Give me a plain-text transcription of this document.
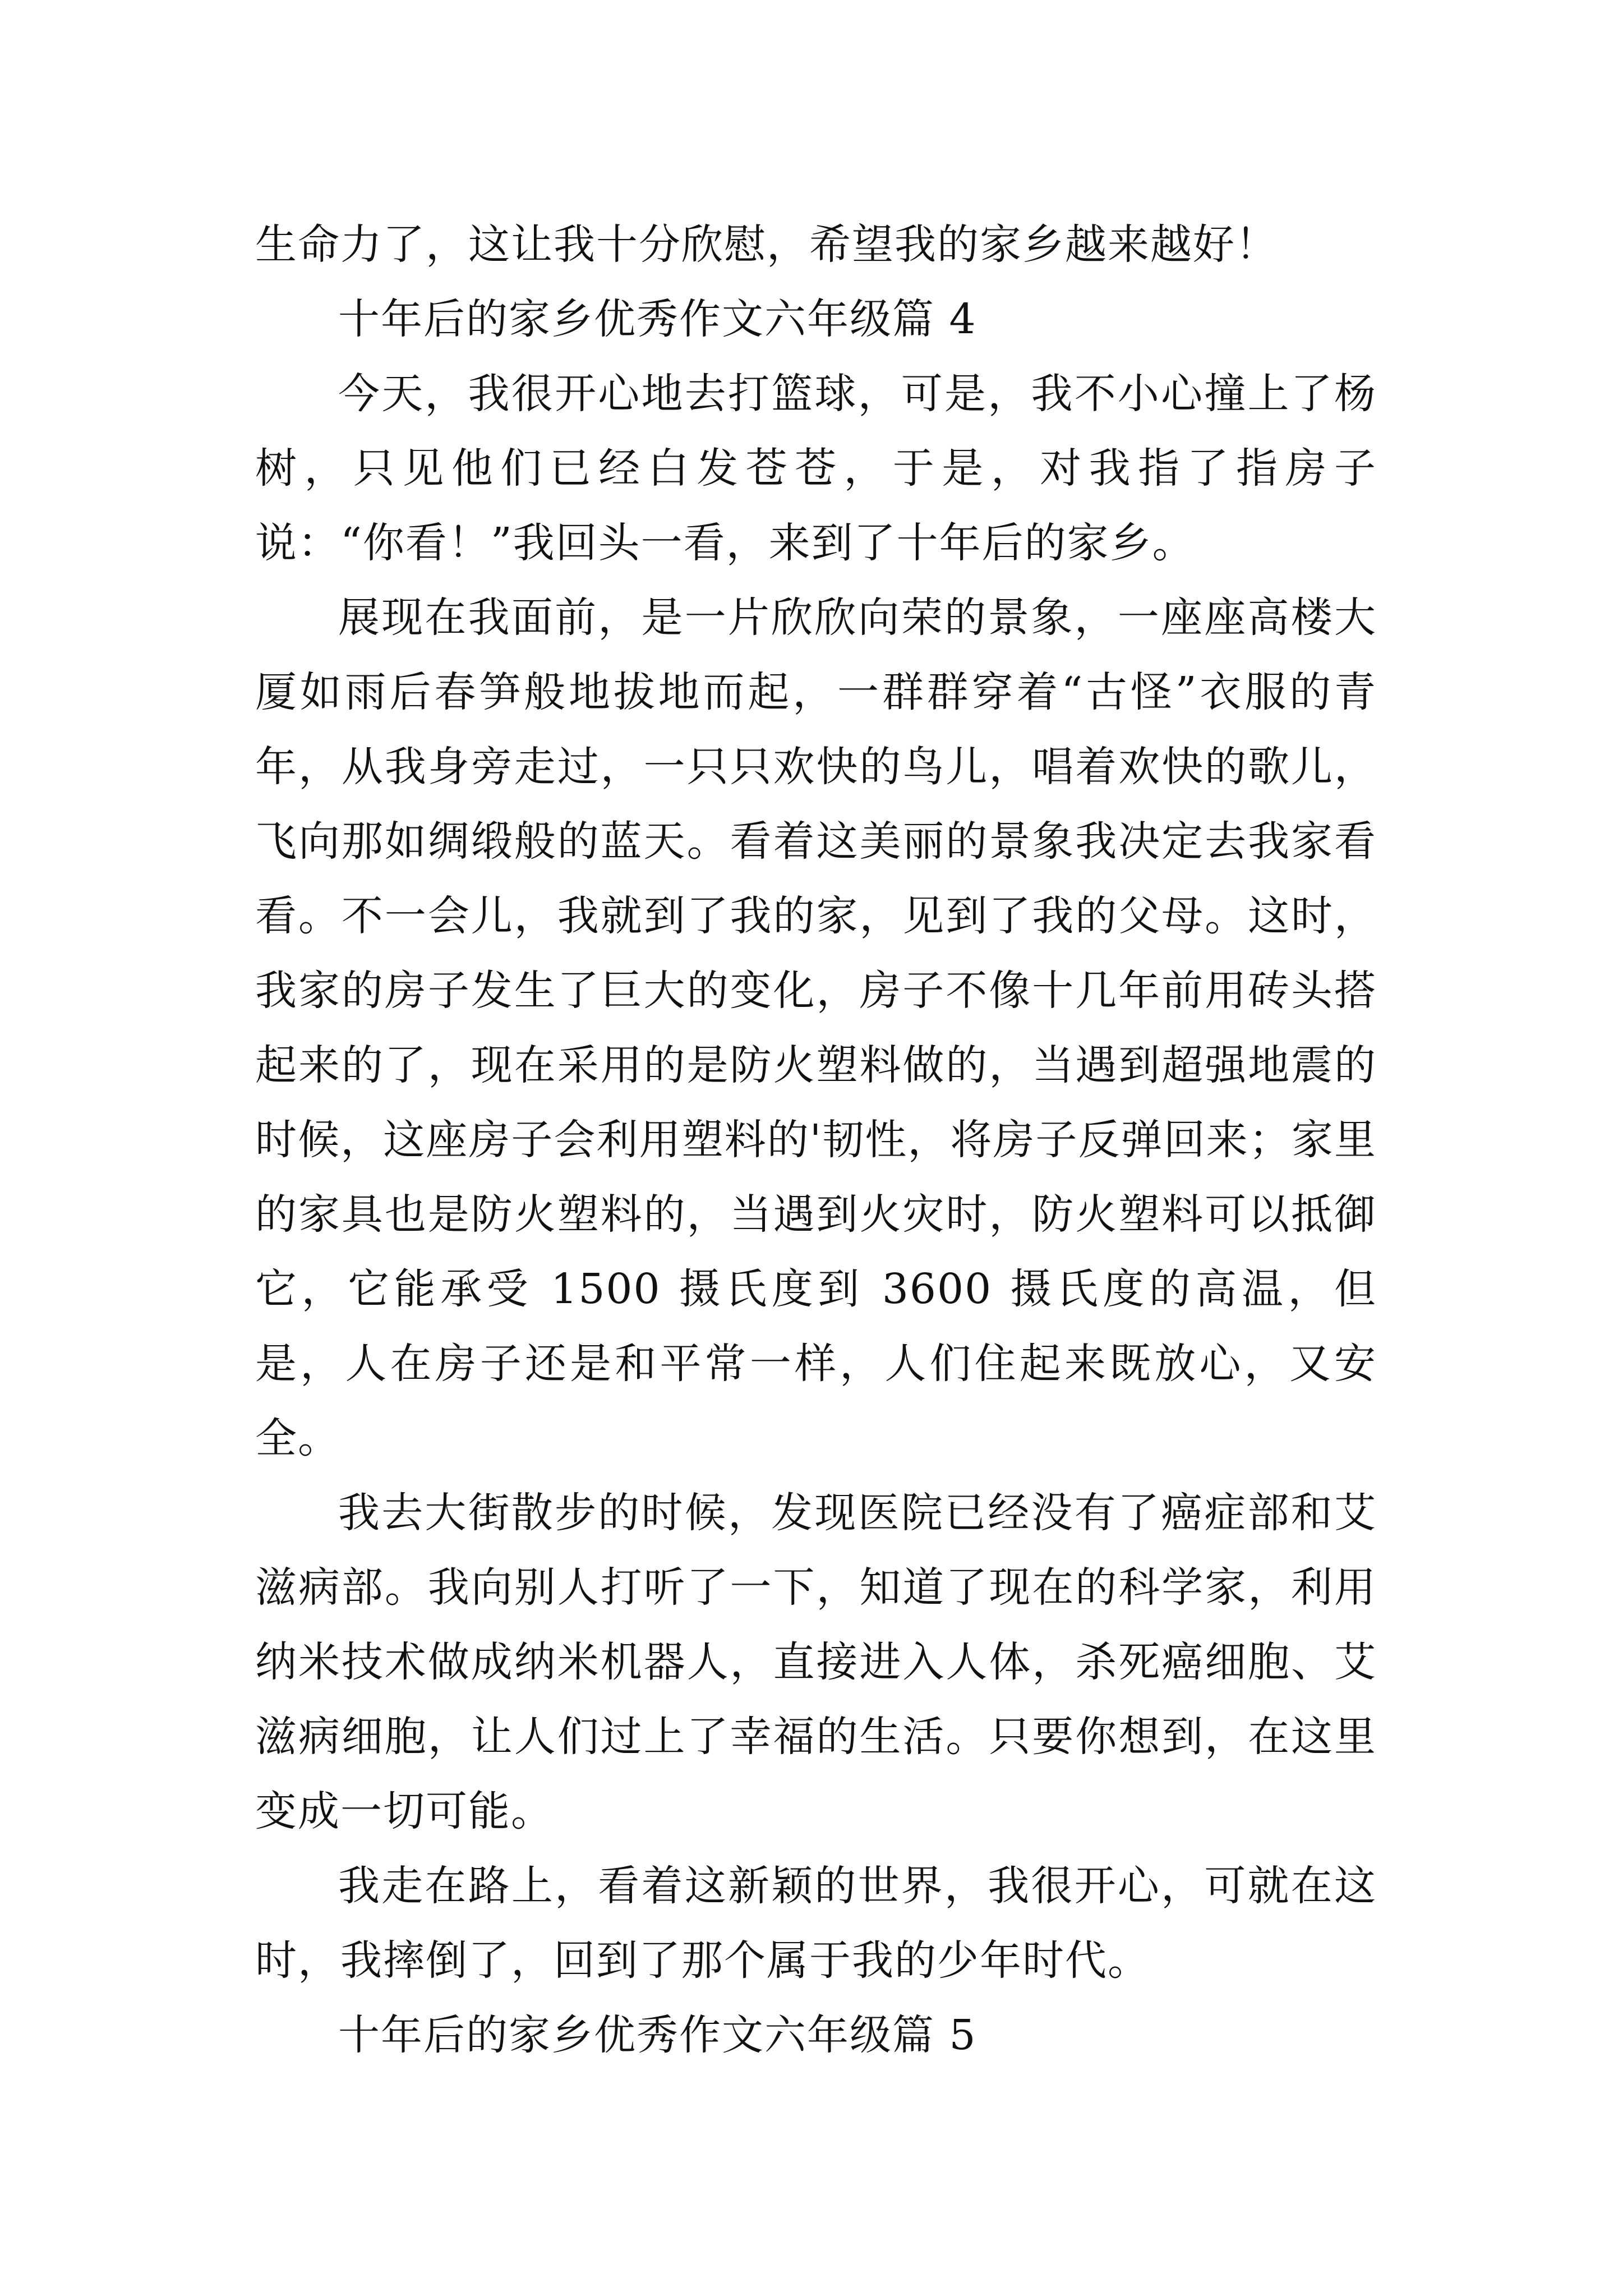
生命力了，这让我十分欣慰，希望我的家乡越来越好！

十年后的家乡优秀作文六年级篇 4

今天，我很开心地去打篮球，可是，我不小心撞上了杨树，只见他们已经白发苍苍，于是，对我指了指房子说：“你看！”我回头一看，来到了十年后的家乡。

展现在我面前，是一片欣欣向荣的景象，一座座高楼大厦如雨后春笋般地拔地而起，一群群穿着“古怪”衣服的青年，从我身旁走过，一只只欢快的鸟儿，唱着欢快的歌儿，飞向那如绸缎般的蓝天。看着这美丽的景象我决定去我家看看。不一会儿，我就到了我的家，见到了我的父母。这时，我家的房子发生了巨大的变化，房子不像十几年前用砖头搭起来的了，现在采用的是防火塑料做的，当遇到超强地震的时候，这座房子会利用塑料的'韧性，将房子反弹回来；家里的家具也是防火塑料的，当遇到火灾时，防火塑料可以抵御它，它能承受 1500 摄氏度到 3600 摄氏度的高温，但是，人在房子还是和平常一样，人们住起来既放心，又安全。

我去大街散步的时候，发现医院已经没有了癌症部和艾滋病部。我向别人打听了一下，知道了现在的科学家，利用纳米技术做成纳米机器人，直接进入人体，杀死癌细胞、艾滋病细胞，让人们过上了幸福的生活。只要你想到，在这里变成一切可能。

我走在路上，看着这新颖的世界，我很开心，可就在这时，我摔倒了，回到了那个属于我的少年时代。

十年后的家乡优秀作文六年级篇 5
